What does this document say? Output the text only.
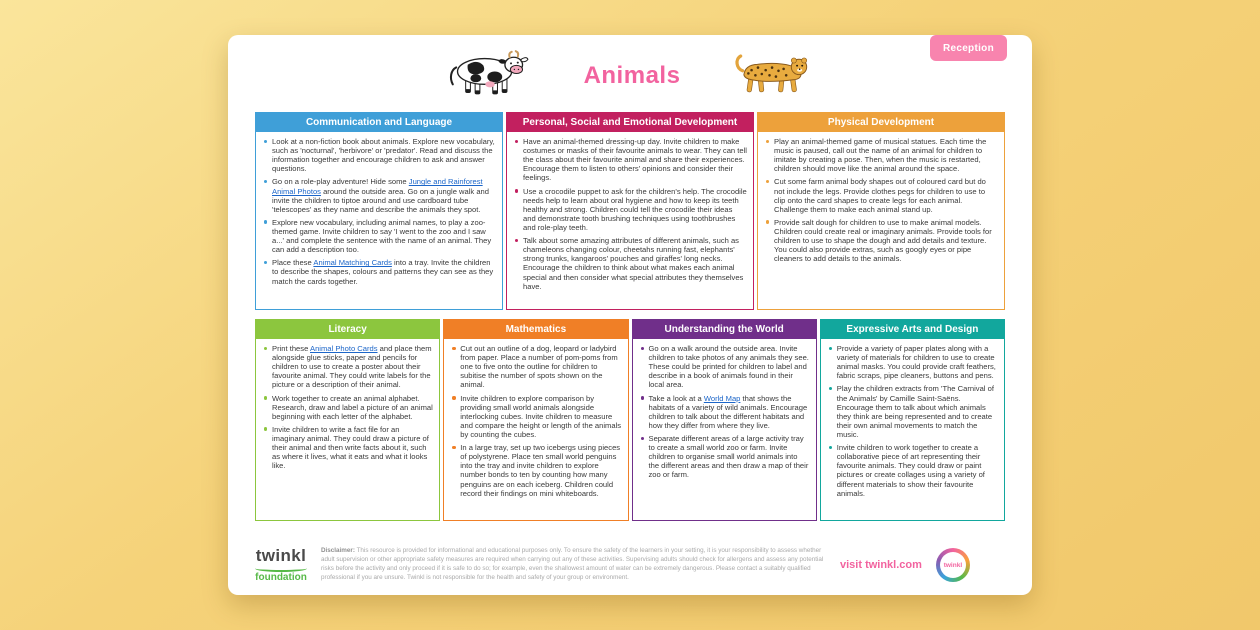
Reception
Animals
Communication and Language
Look at a non-fiction book about animals. Explore new vocabulary, such as 'nocturnal', 'herbivore' or 'predator'. Read and discuss the information together and encourage children to ask and answer questions.
Go on a role-play adventure! Hide some Jungle and Rainforest Animal Photos around the outside area. Go on a jungle walk and invite the children to tiptoe around and use cardboard tube 'telescopes' as they name and describe the animals they spot.
Explore new vocabulary, including animal names, to play a zoo-themed game. Invite children to say 'I went to the zoo and I saw a...' and complete the sentence with the name of an animal. They can add a description too.
Place these Animal Matching Cards into a tray. Invite the children to describe the shapes, colours and patterns they can see as they match the cards together.
Personal, Social and Emotional Development
Have an animal-themed dressing-up day. Invite children to make costumes or masks of their favourite animals to wear. They can tell the class about their favourite animal and share their experiences. Encourage them to listen to others' opinions and consider their feelings.
Use a crocodile puppet to ask for the children's help. The crocodile needs help to learn about oral hygiene and how to keep its teeth healthy and strong. Children could tell the crocodile their ideas and demonstrate tooth brushing techniques using toothbrushes and role-play teeth.
Talk about some amazing attributes of different animals, such as chameleons changing colour, cheetahs running fast, elephants' strong trunks, kangaroos' pouches and giraffes' long necks. Encourage the children to think about what makes each animal special and then consider what special attributes they themselves have.
Physical Development
Play an animal-themed game of musical statues. Each time the music is paused, call out the name of an animal for children to imitate by creating a pose. Then, when the music is restarted, children should move like the animal around the space.
Cut some farm animal body shapes out of coloured card but do not include the legs. Provide clothes pegs for children to use to clip onto the card shapes to create legs for each animal. Challenge them to make each animal stand up.
Provide salt dough for children to use to make animal models. Children could create real or imaginary animals. Provide tools for children to use to shape the dough and add details and texture. You could also provide extras, such as googly eyes or pipe cleaners to add details to the animals.
Literacy
Print these Animal Photo Cards and place them alongside glue sticks, paper and pencils for children to use to create a poster about their favourite animal. They could write labels for the picture or a description of their animal.
Work together to create an animal alphabet. Research, draw and label a picture of an animal beginning with each letter of the alphabet.
Invite children to write a fact file for an imaginary animal. They could draw a picture of their animal and then write facts about it, such as where it lives, what it eats and what it looks like.
Mathematics
Cut out an outline of a dog, leopard or ladybird from paper. Place a number of pom-poms from one to five onto the outline for children to subitise the number of spots shown on the animal.
Invite children to explore comparison by providing small world animals alongside interlocking cubes. Invite children to measure and compare the height or length of the animals by counting the cubes.
In a large tray, set up two icebergs using pieces of polystyrene. Place ten small world penguins into the tray and invite children to explore number bonds to ten by counting how many penguins are on each iceberg. Children could record their findings on mini whiteboards.
Understanding the World
Go on a walk around the outside area. Invite children to take photos of any animals they see. These could be printed for children to label and describe in a book of animals found in their local area.
Take a look at a World Map that shows the habitats of a variety of wild animals. Encourage children to talk about the different habitats and how they differ from where they live.
Separate different areas of a large activity tray to create a small world zoo or farm. Invite children to organise small world animals into the different areas and then draw a map of their zoo or farm.
Expressive Arts and Design
Provide a variety of paper plates along with a variety of materials for children to use to create animal masks. You could provide craft feathers, fabric scraps, pipe cleaners, buttons and pens.
Play the children extracts from 'The Carnival of the Animals' by Camille Saint-Saëns. Encourage them to talk about which animals they think are being represented and to create their own animal movements to match the music.
Invite children to work together to create a collaborative piece of art representing their favourite animals. They could draw or paint pictures or create collages using a variety of different materials to show their favourite animals.
twinkl
foundation
Disclaimer: This resource is provided for informational and educational purposes only. To ensure the safety of the learners in your setting, it is your responsibility to assess whether adult supervision or other appropriate safety measures are required when carrying out any of these activities. Supervising adults should check for allergens and assess any potential risks before the activity and only proceed if it is safe to do so; for example, even the shallowest amount of water can be extremely dangerous. Please contact a suitably qualified professional if you are unsure. Twinkl is not responsible for the health and safety of your group or environment.
visit twinkl.com	twinkl
